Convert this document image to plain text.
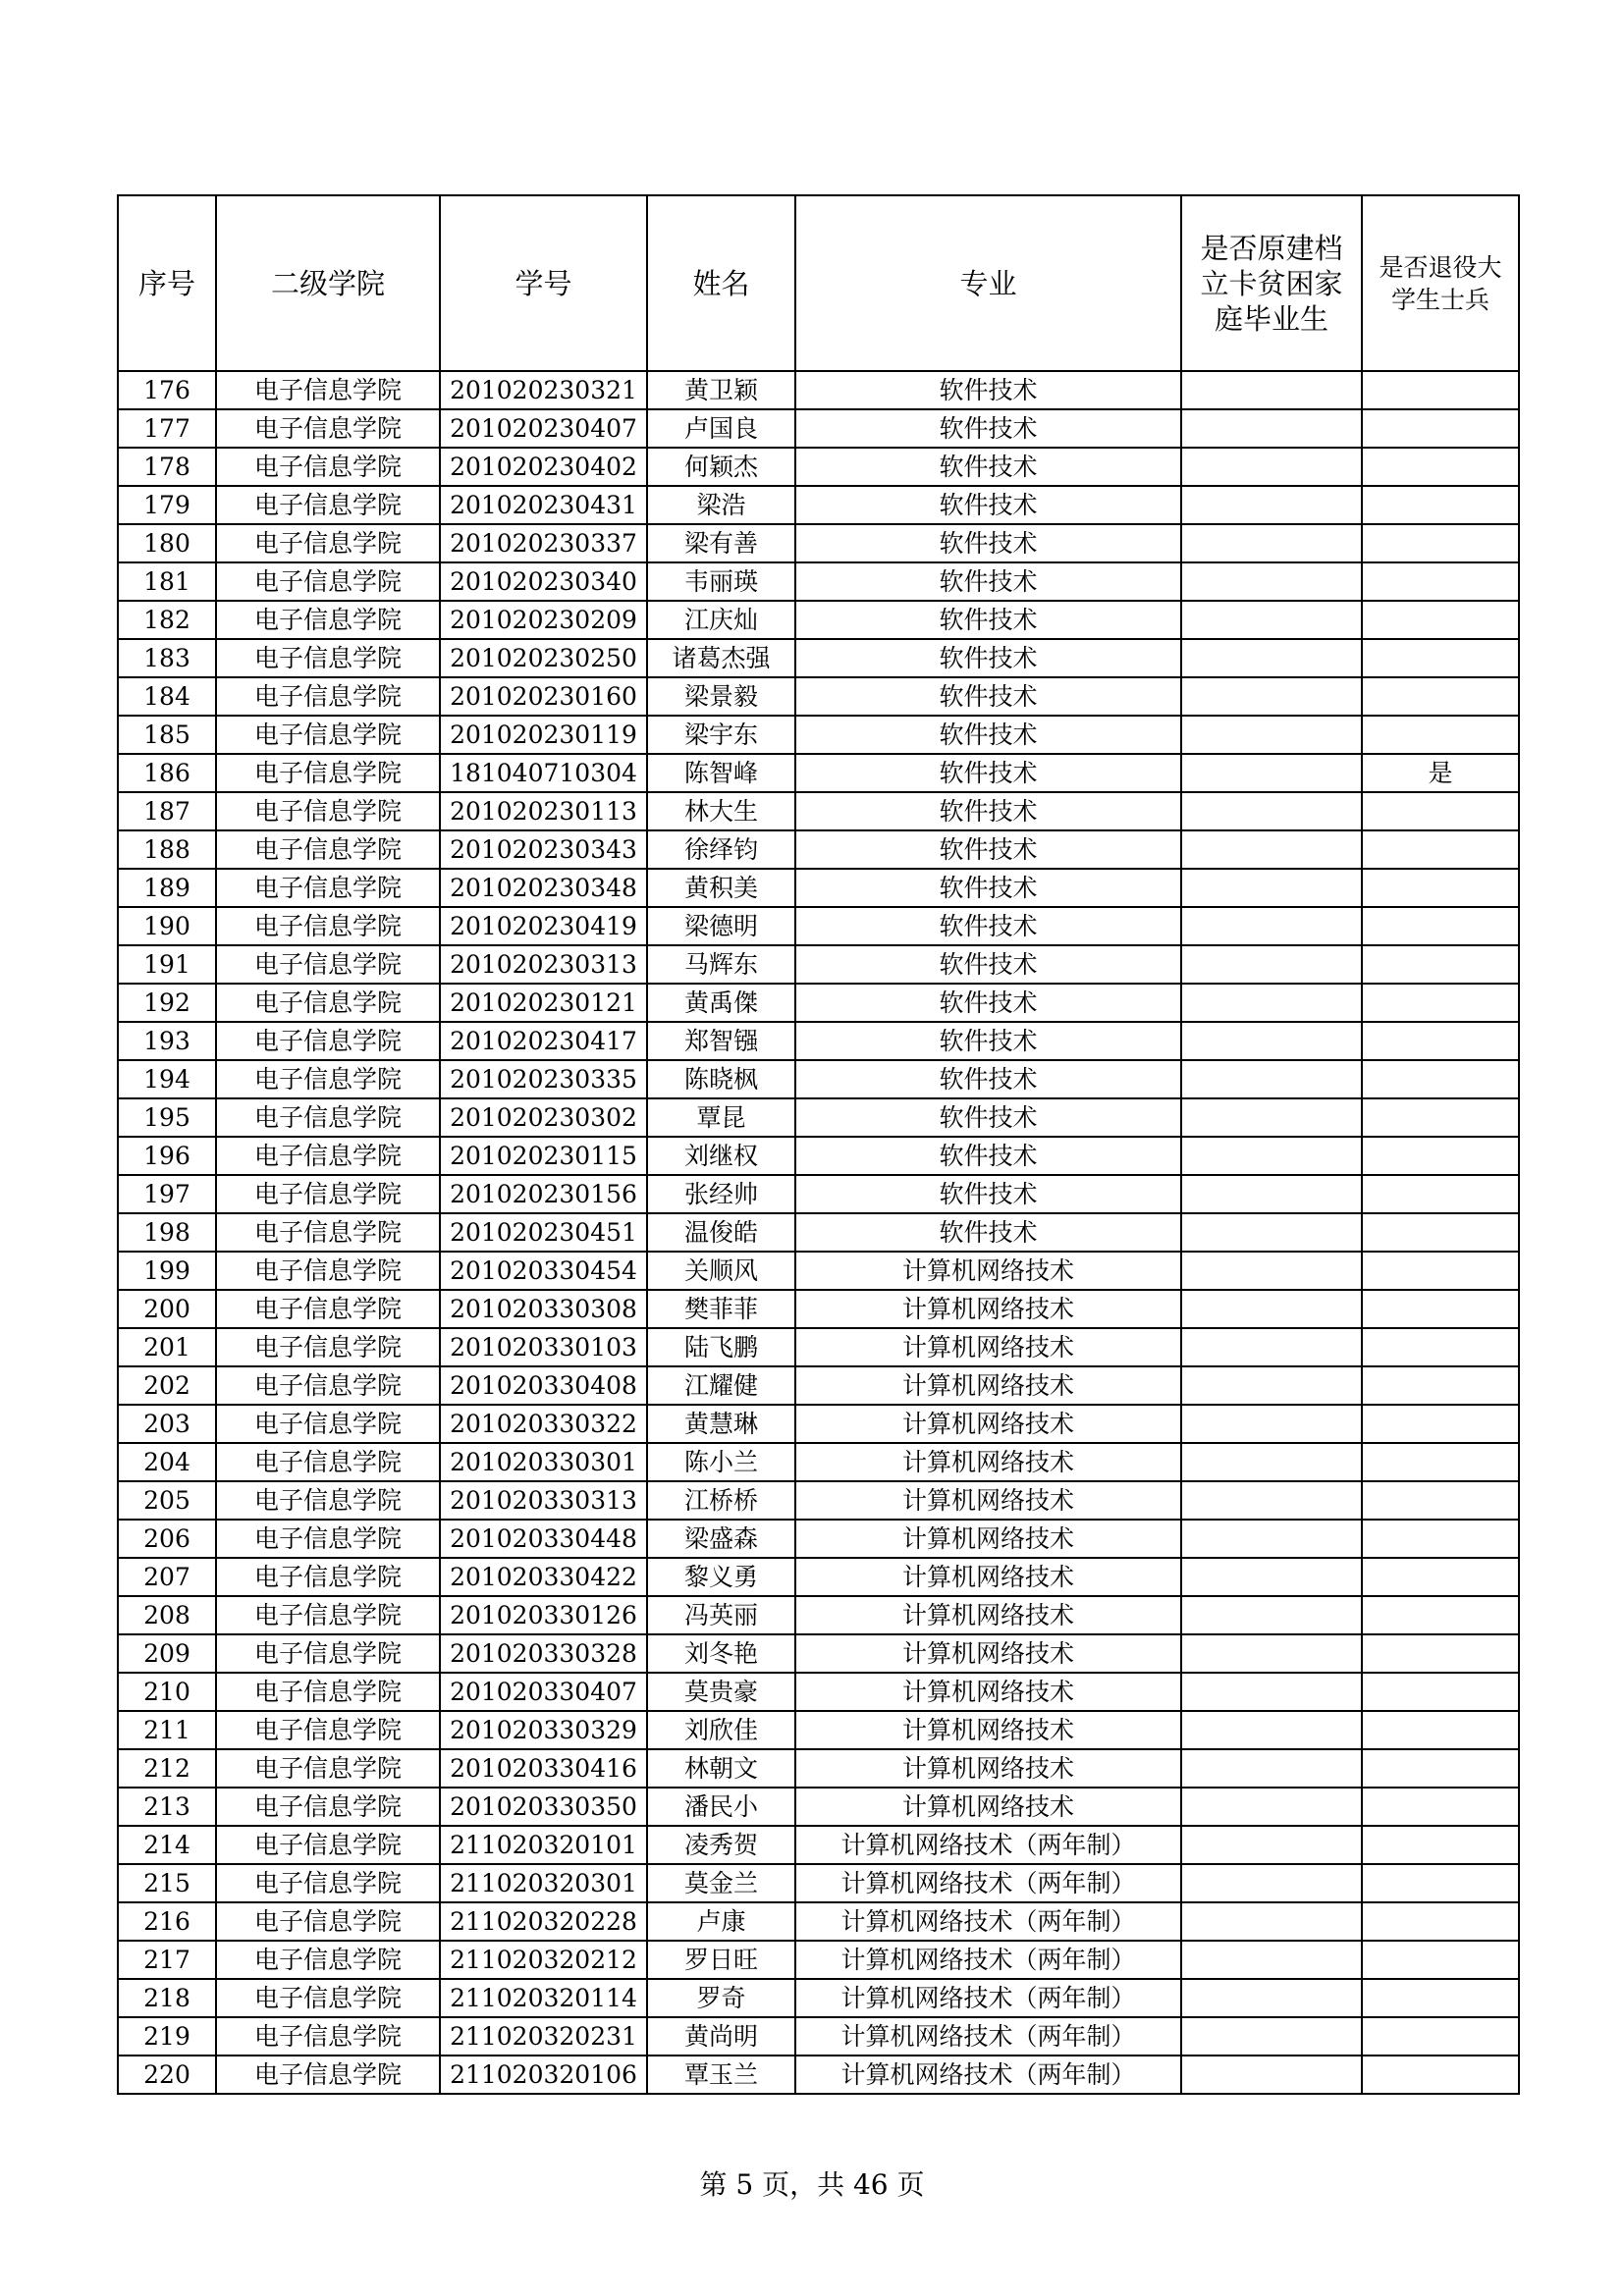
序号	二级学院	学号	姓名	专业	是否原建档立卡贫困家庭毕业生	是否退役大学生士兵
176	电子信息学院	201020230321	黄卫颖	软件技术		
177	电子信息学院	201020230407	卢国良	软件技术		
178	电子信息学院	201020230402	何颖杰	软件技术		
179	电子信息学院	201020230431	梁浩	软件技术		
180	电子信息学院	201020230337	梁有善	软件技术		
181	电子信息学院	201020230340	韦丽瑛	软件技术		
182	电子信息学院	201020230209	江庆灿	软件技术		
183	电子信息学院	201020230250	诸葛杰强	软件技术		
184	电子信息学院	201020230160	梁景毅	软件技术		
185	电子信息学院	201020230119	梁宇东	软件技术		
186	电子信息学院	181040710304	陈智峰	软件技术		是
187	电子信息学院	201020230113	林大生	软件技术		
188	电子信息学院	201020230343	徐绎钧	软件技术		
189	电子信息学院	201020230348	黄积美	软件技术		
190	电子信息学院	201020230419	梁德明	软件技术		
191	电子信息学院	201020230313	马辉东	软件技术		
192	电子信息学院	201020230121	黄禹傑	软件技术		
193	电子信息学院	201020230417	郑智镪	软件技术		
194	电子信息学院	201020230335	陈晓枫	软件技术		
195	电子信息学院	201020230302	覃昆	软件技术		
196	电子信息学院	201020230115	刘继权	软件技术		
197	电子信息学院	201020230156	张经帅	软件技术		
198	电子信息学院	201020230451	温俊皓	软件技术		
199	电子信息学院	201020330454	关顺风	计算机网络技术		
200	电子信息学院	201020330308	樊菲菲	计算机网络技术		
201	电子信息学院	201020330103	陆飞鹏	计算机网络技术		
202	电子信息学院	201020330408	江耀健	计算机网络技术		
203	电子信息学院	201020330322	黄慧琳	计算机网络技术		
204	电子信息学院	201020330301	陈小兰	计算机网络技术		
205	电子信息学院	201020330313	江桥桥	计算机网络技术		
206	电子信息学院	201020330448	梁盛森	计算机网络技术		
207	电子信息学院	201020330422	黎义勇	计算机网络技术		
208	电子信息学院	201020330126	冯英丽	计算机网络技术		
209	电子信息学院	201020330328	刘冬艳	计算机网络技术		
210	电子信息学院	201020330407	莫贵豪	计算机网络技术		
211	电子信息学院	201020330329	刘欣佳	计算机网络技术		
212	电子信息学院	201020330416	林朝文	计算机网络技术		
213	电子信息学院	201020330350	潘民小	计算机网络技术		
214	电子信息学院	211020320101	凌秀贺	计算机网络技术（两年制）		
215	电子信息学院	211020320301	莫金兰	计算机网络技术（两年制）		
216	电子信息学院	211020320228	卢康	计算机网络技术（两年制）		
217	电子信息学院	211020320212	罗日旺	计算机网络技术（两年制）		
218	电子信息学院	211020320114	罗奇	计算机网络技术（两年制）		
219	电子信息学院	211020320231	黄尚明	计算机网络技术（两年制）		
220	电子信息学院	211020320106	覃玉兰	计算机网络技术（两年制）		
第 5 页，共 46 页
